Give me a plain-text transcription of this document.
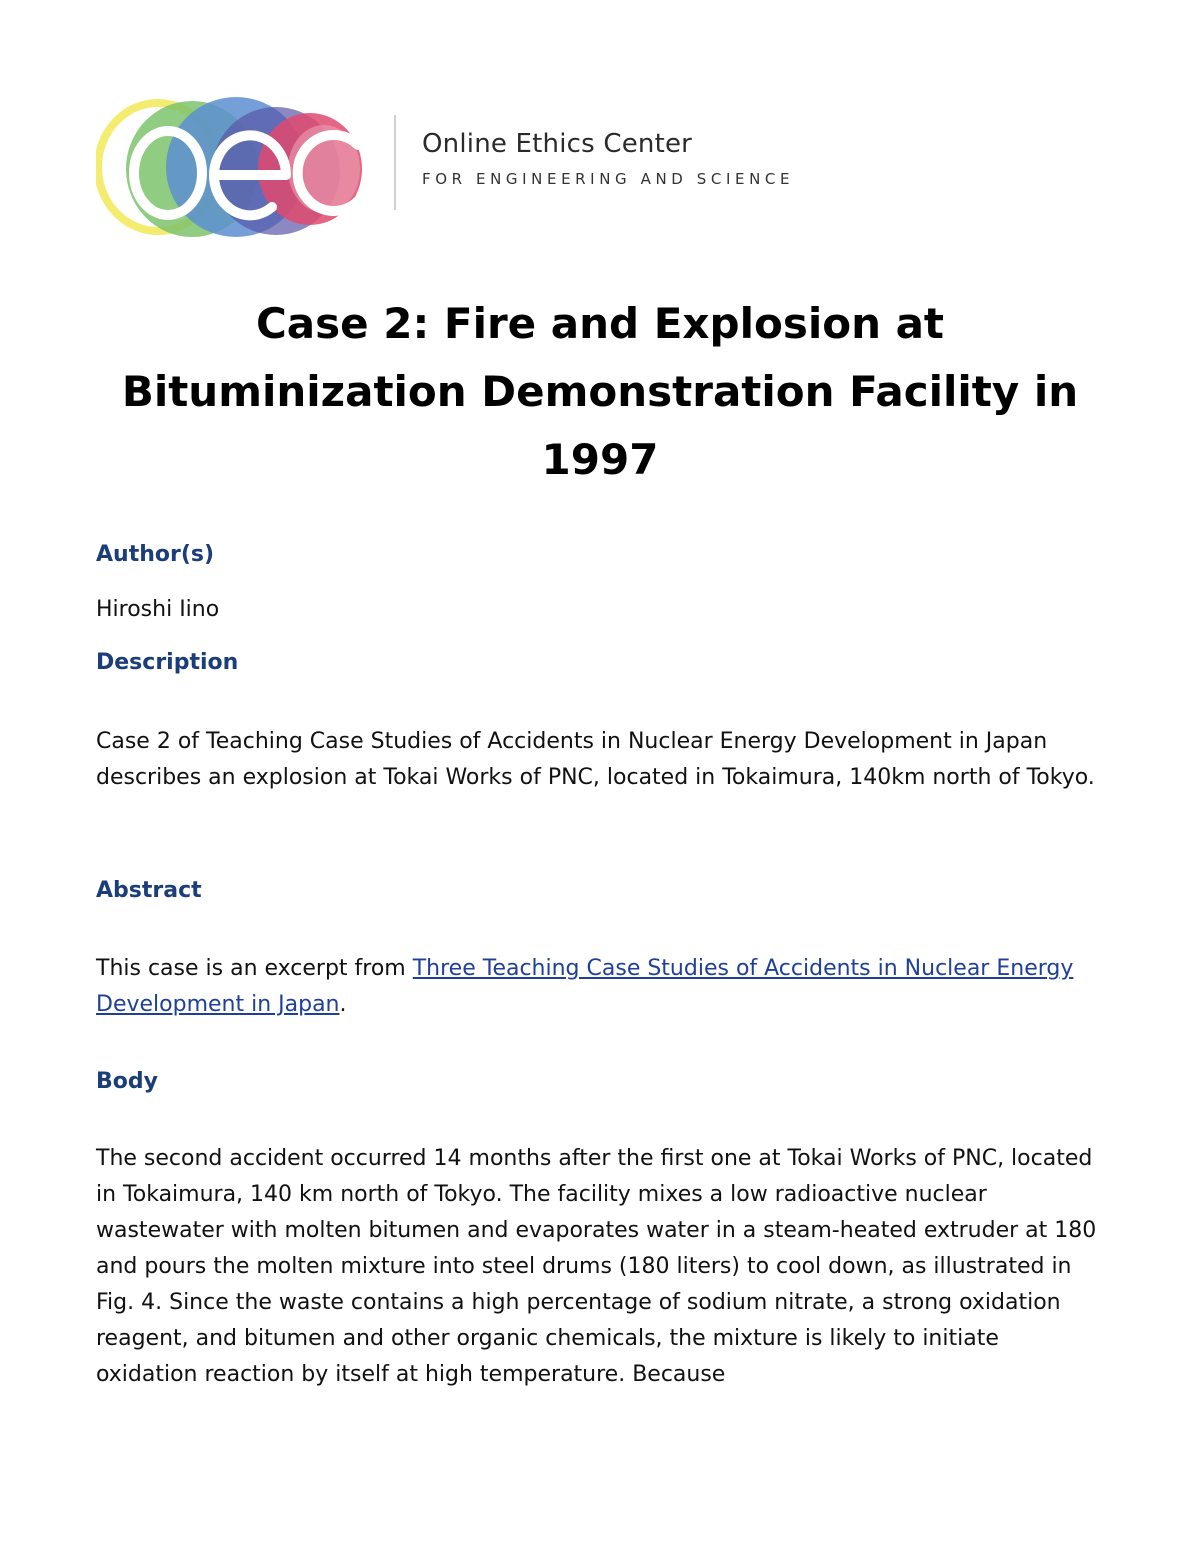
Online Ethics Center
FOR ENGINEERING AND SCIENCE
Case 2: Fire and Explosion at Bituminization Demonstration Facility in 1997
Author(s)

Hiroshi Iino

Description

Case 2 of Teaching Case Studies of Accidents in Nuclear Energy Development in Japan describes an explosion at Tokai Works of PNC, located in Tokaimura, 140km north of Tokyo.

Abstract

This case is an excerpt from Three Teaching Case Studies of Accidents in Nuclear Energy Development in Japan.

Body

The second accident occurred 14 months after the first one at Tokai Works of PNC, located in Tokaimura, 140 km north of Tokyo. The facility mixes a low radioactive nuclear wastewater with molten bitumen and evaporates water in a steam-heated extruder at 180 and pours the molten mixture into steel drums (180 liters) to cool down, as illustrated in Fig. 4. Since the waste contains a high percentage of sodium nitrate, a strong oxidation reagent, and bitumen and other organic chemicals, the mixture is likely to initiate oxidation reaction by itself at high temperature. Because
